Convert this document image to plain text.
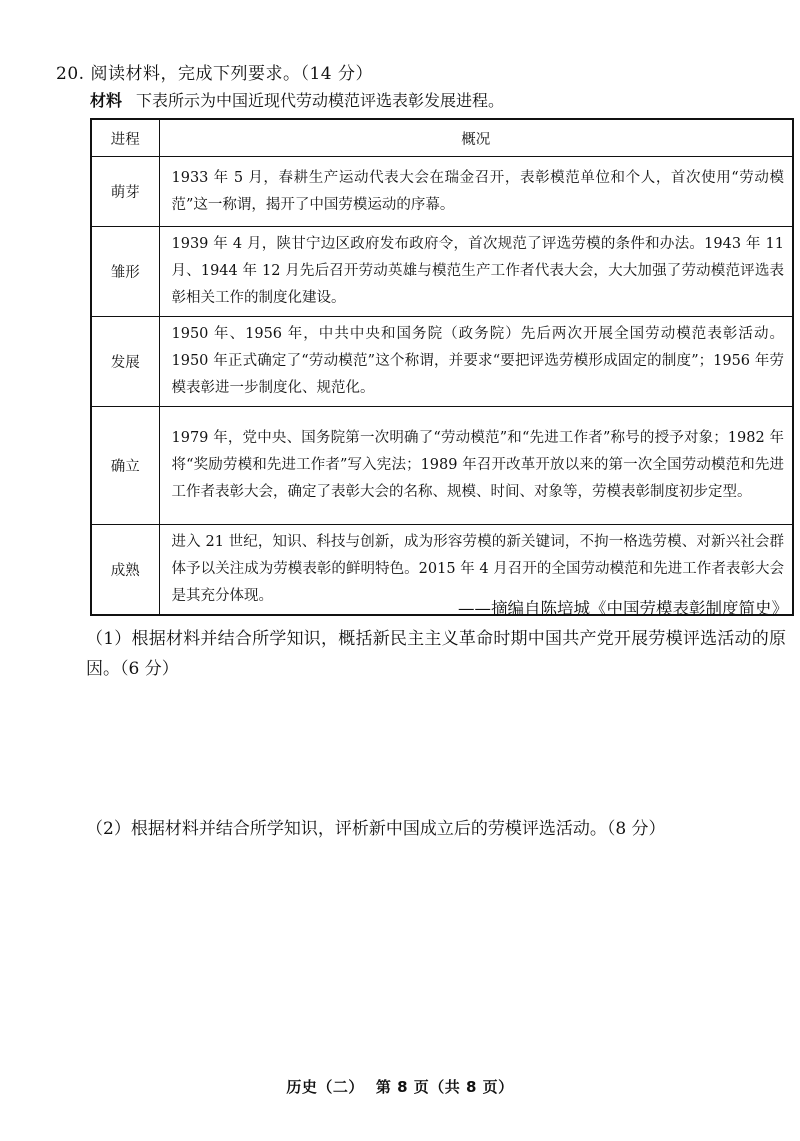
20. 阅读材料，完成下列要求。（14 分）
材料 下表所示为中国近现代劳动模范评选表彰发展进程。
进程	概况
萌芽	1933 年 5 月，春耕生产运动代表大会在瑞金召开，表彰模范单位和个人，首次使用“劳动模范”这一称谓，揭开了中国劳模运动的序幕。
雏形	1939 年 4 月，陕甘宁边区政府发布政府令，首次规范了评选劳模的条件和办法。1943 年 11 月、1944 年 12 月先后召开劳动英雄与模范生产工作者代表大会，大大加强了劳动模范评选表彰相关工作的制度化建设。
发展	1950 年、1956 年，中共中央和国务院（政务院）先后两次开展全国劳动模范表彰活动。1950 年正式确定了“劳动模范”这个称谓，并要求“要把评选劳模形成固定的制度”；1956 年劳模表彰进一步制度化、规范化。
确立	1979 年，党中央、国务院第一次明确了“劳动模范”和“先进工作者”称号的授予对象；1982 年将“奖励劳模和先进工作者”写入宪法；1989 年召开改革开放以来的第一次全国劳动模范和先进工作者表彰大会，确定了表彰大会的名称、规模、时间、对象等，劳模表彰制度初步定型。
成熟	进入 21 世纪，知识、科技与创新，成为形容劳模的新关键词，不拘一格选劳模、对新兴社会群体予以关注成为劳模表彰的鲜明特色。2015 年 4 月召开的全国劳动模范和先进工作者表彰大会是其充分体现。
——摘编自陈培城《中国劳模表彰制度简史》
（1）根据材料并结合所学知识，概括新民主主义革命时期中国共产党开展劳模评选活动的原因。（6 分）
（2）根据材料并结合所学知识，评析新中国成立后的劳模评选活动。（8 分）
历史（二） 第 8 页（共 8 页）
